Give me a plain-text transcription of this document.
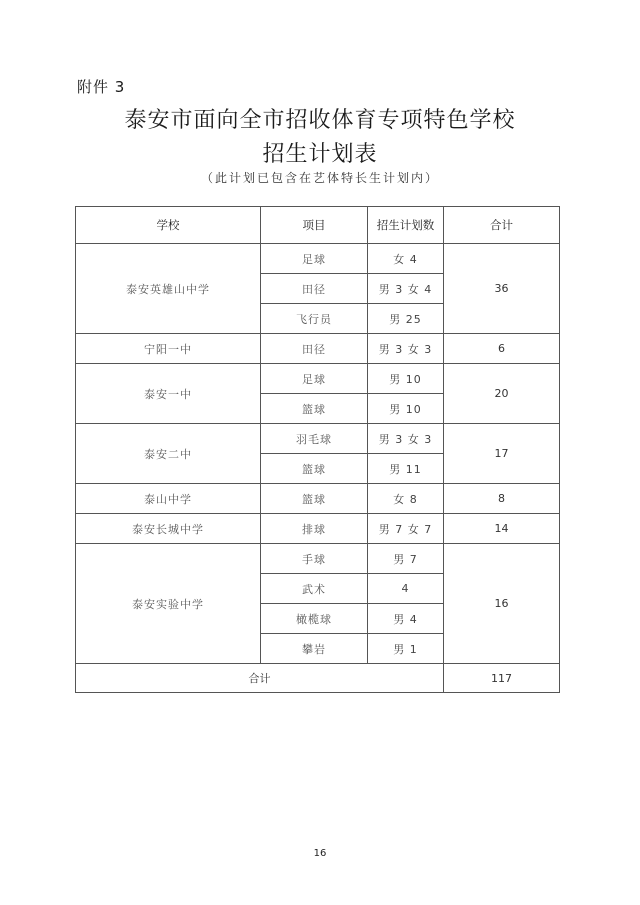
附件 3
泰安市面向全市招收体育专项特色学校
招生计划表
（此计划已包含在艺体特长生计划内）
学校	项目	招生计划数	合计
泰安英雄山中学	足球	女 4	36
	田径	男 3 女 4	
	飞行员	男 25	
宁阳一中	田径	男 3 女 3	6
泰安一中	足球	男 10	20
	篮球	男 10	
泰安二中	羽毛球	男 3 女 3	17
	篮球	男 11	
泰山中学	篮球	女 8	8
泰安长城中学	排球	男 7 女 7	14
泰安实验中学	手球	男 7	16
	武术	4	
	橄榄球	男 4	
	攀岩	男 1	
合计			117
16
